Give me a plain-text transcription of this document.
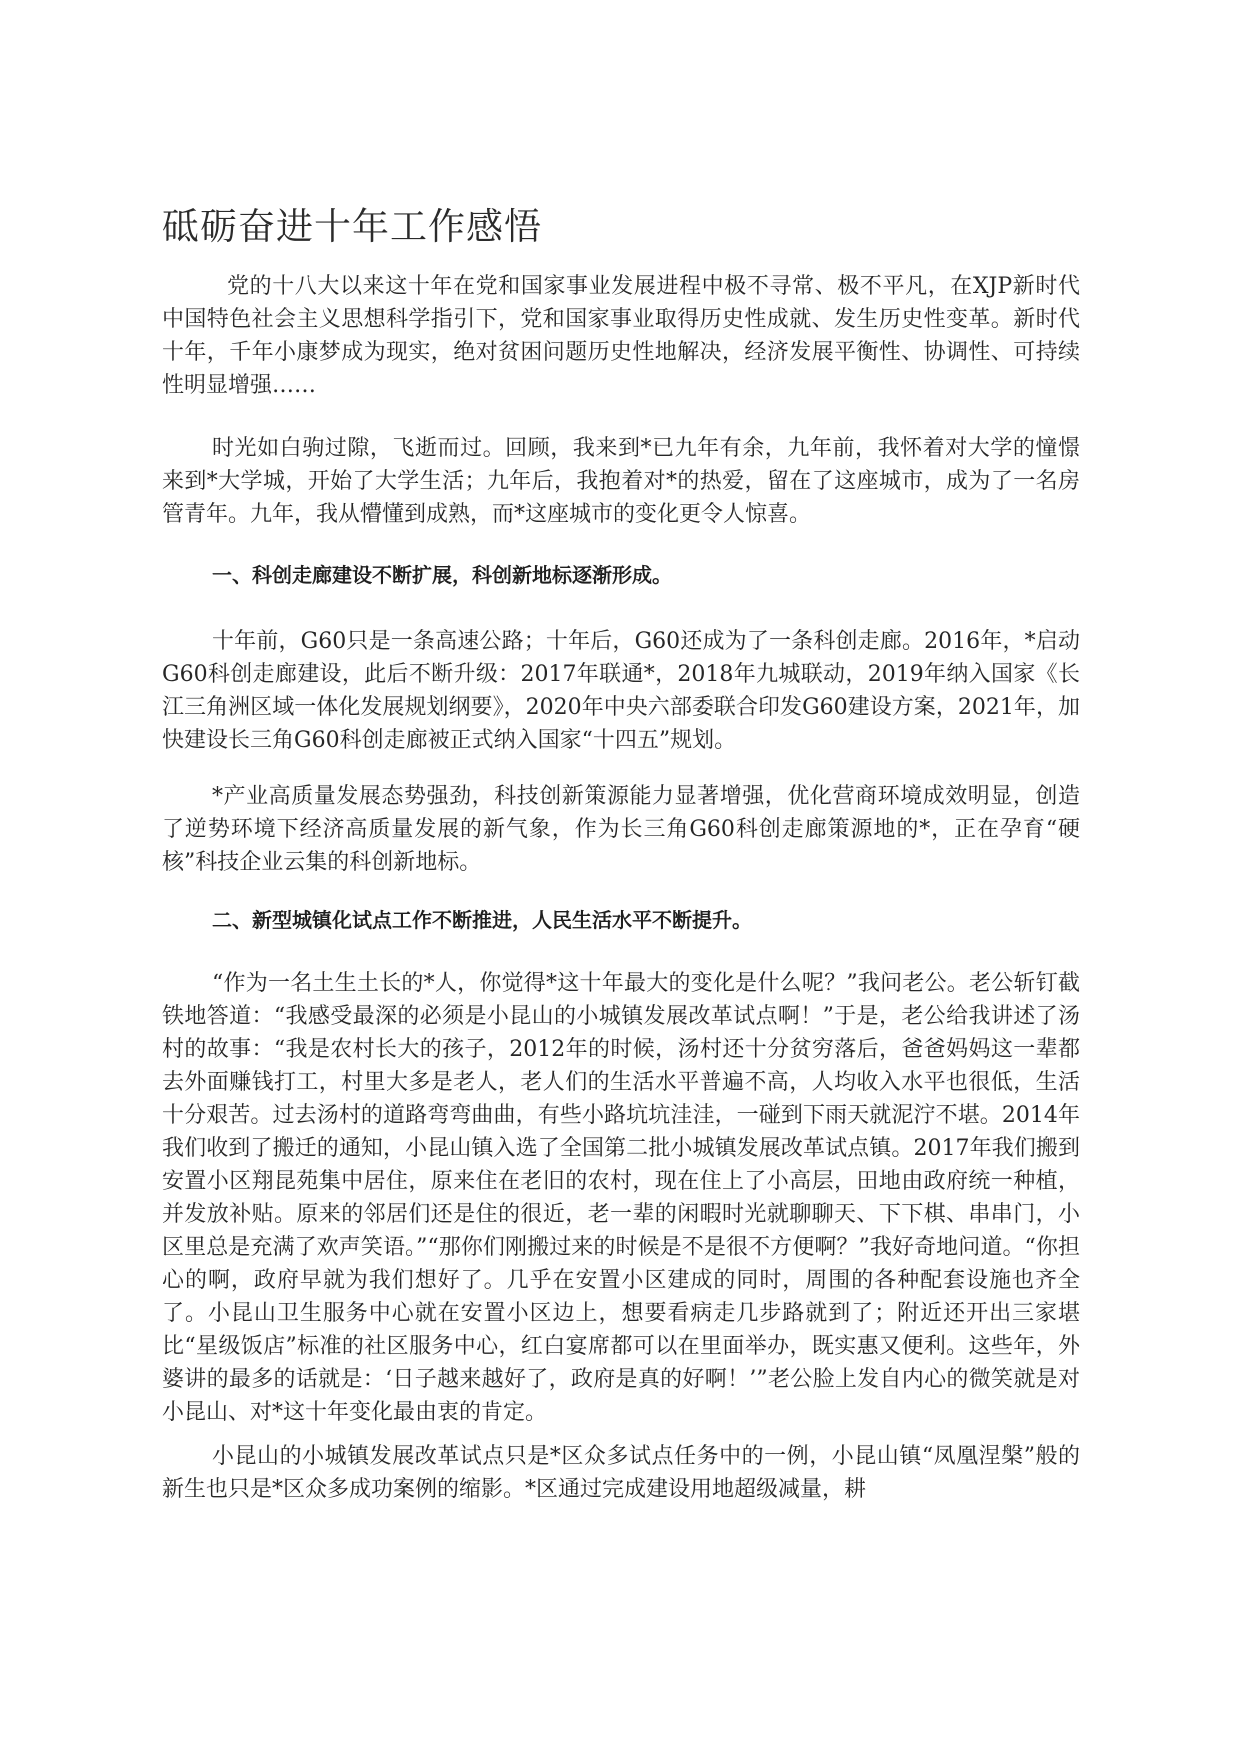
砥砺奋进十年工作感悟

党的十八大以来这十年在党和国家事业发展进程中极不寻常、极不平凡，在XJP新时代中国特色社会主义思想科学指引下，党和国家事业取得历史性成就、发生历史性变革。新时代十年，千年小康梦成为现实，绝对贫困问题历史性地解决，经济发展平衡性、协调性、可持续性明显增强……

时光如白驹过隙，飞逝而过。回顾，我来到*已九年有余，九年前，我怀着对大学的憧憬来到*大学城，开始了大学生活；九年后，我抱着对*的热爱，留在了这座城市，成为了一名房管青年。九年，我从懵懂到成熟，而*这座城市的变化更令人惊喜。

一、科创走廊建设不断扩展，科创新地标逐渐形成。

十年前，G60只是一条高速公路；十年后，G60还成为了一条科创走廊。2016年，*启动G60科创走廊建设，此后不断升级：2017年联通*，2018年九城联动，2019年纳入国家《长江三角洲区域一体化发展规划纲要》，2020年中央六部委联合印发G60建设方案，2021年，加快建设长三角G60科创走廊被正式纳入国家“十四五”规划。

*产业高质量发展态势强劲，科技创新策源能力显著增强，优化营商环境成效明显，创造了逆势环境下经济高质量发展的新气象，作为长三角G60科创走廊策源地的*，正在孕育“硬核”科技企业云集的科创新地标。

二、新型城镇化试点工作不断推进，人民生活水平不断提升。

“作为一名土生土长的*人，你觉得*这十年最大的变化是什么呢？”我问老公。老公斩钉截铁地答道：“我感受最深的必须是小昆山的小城镇发展改革试点啊！”于是，老公给我讲述了汤村的故事：“我是农村长大的孩子，2012年的时候，汤村还十分贫穷落后，爸爸妈妈这一辈都去外面赚钱打工，村里大多是老人，老人们的生活水平普遍不高，人均收入水平也很低，生活十分艰苦。过去汤村的道路弯弯曲曲，有些小路坑坑洼洼，一碰到下雨天就泥泞不堪。2014年我们收到了搬迁的通知，小昆山镇入选了全国第二批小城镇发展改革试点镇。2017年我们搬到安置小区翔昆苑集中居住，原来住在老旧的农村，现在住上了小高层，田地由政府统一种植，并发放补贴。原来的邻居们还是住的很近，老一辈的闲暇时光就聊聊天、下下棋、串串门，小区里总是充满了欢声笑语。”“那你们刚搬过来的时候是不是很不方便啊？”我好奇地问道。“你担心的啊，政府早就为我们想好了。几乎在安置小区建成的同时，周围的各种配套设施也齐全了。小昆山卫生服务中心就在安置小区边上，想要看病走几步路就到了；附近还开出三家堪比“星级饭店”标准的社区服务中心，红白宴席都可以在里面举办，既实惠又便利。这些年，外婆讲的最多的话就是：‘日子越来越好了，政府是真的好啊！’”老公脸上发自内心的微笑就是对小昆山、对*这十年变化最由衷的肯定。

小昆山的小城镇发展改革试点只是*区众多试点任务中的一例，小昆山镇“凤凰涅槃”般的新生也只是*区众多成功案例的缩影。*区通过完成建设用地超级减量，耕
